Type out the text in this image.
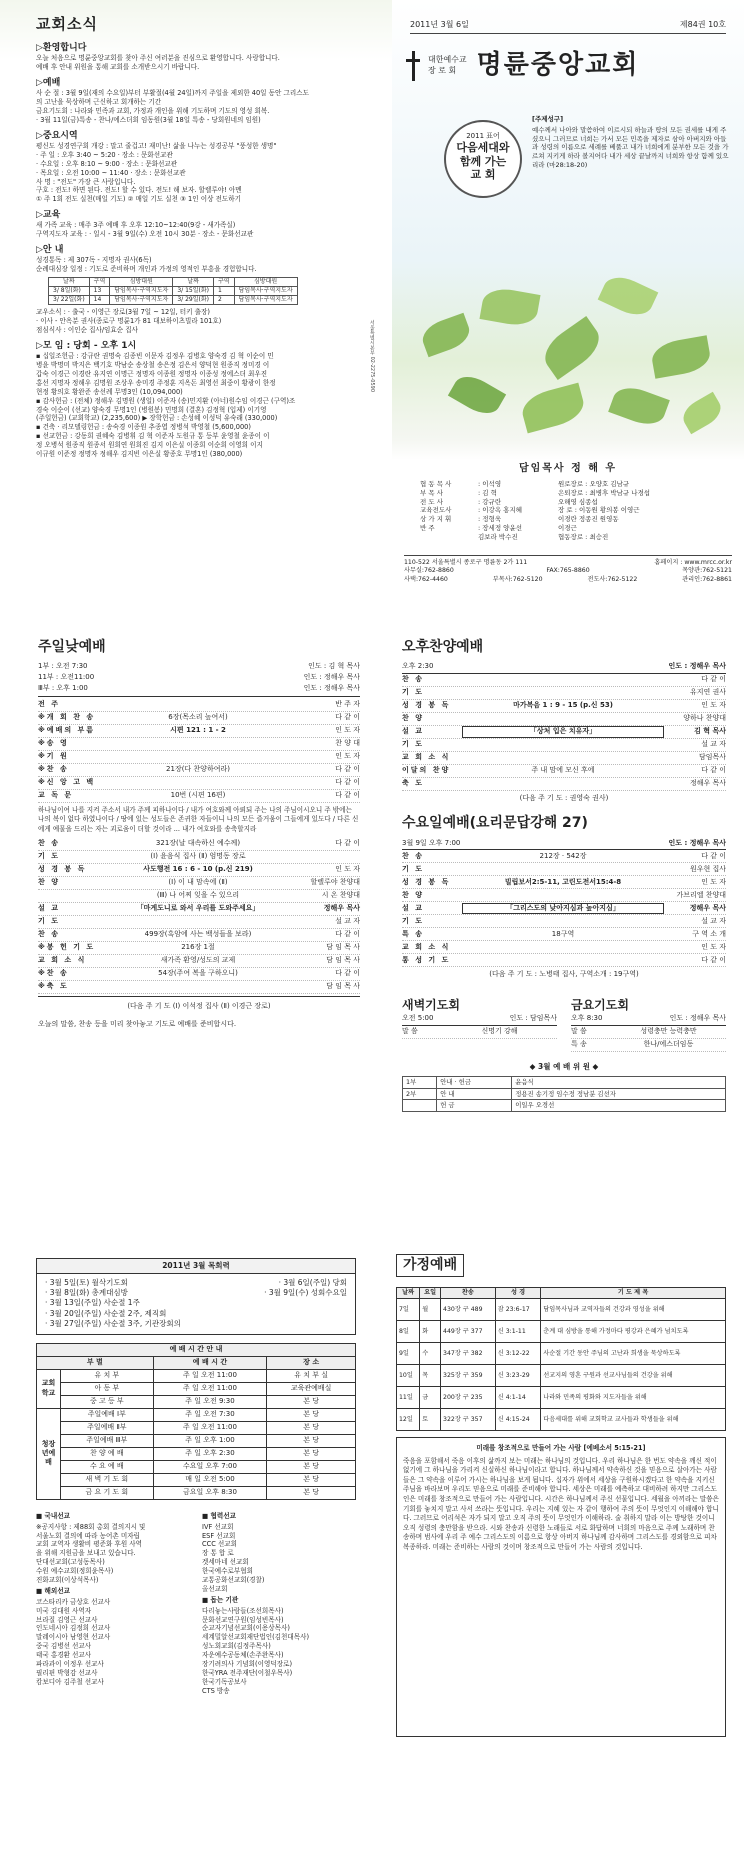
교회소식
▷환영합니다
오늘 처음으로 명륜중앙교회를 찾아 주신 여러분을 진심으로 환영합니다. 사랑합니다.
예배 후 안내 위원을 통해 교회를 소개받으시기 바랍니다.
▷예배
사 순 절 : 3월 9일(재의 수요일)부터 부활절(4월 24일)까지 주일을 제외한 40일 동안 그리스도
의 고난을 묵상하며 근신하고 회개하는 기간
금요기도회 : 나라와 민족과 교회, 가정과 개인을 위해 기도하며 기도의 영성 회복.
· 3월 11일(금)특송 - 찬나/에스더회 임동원(3월 18일 특송 - 당회원네의 임원)
▷중요시역
평신도 성경연구회 개강 : 말고 줄겁고! 재미난! 삶을 나누는 성경공부 "풍성한 생명"
· 주 일 : 오후 3:40 ~ 5:20 · 장소 : 문화선교관
· 수요일 : 오후 8:10 ~ 9:00 · 장소 : 문화선교관
· 목요일 : 오전 10:00 ~ 11:40 · 장소 : 문화선교관
사 명 : "전도" 가장 큰 사랑입니다.
구호 : 전도! 하면 된다. 전도! 할 수 있다. 전도! 해 보자. 할렐루야! 아멘
① 주 1회 전도 실천(매일 기도) ② 매일 기도 실천 ③ 1인 이상 전도하기
▷교육
새 가족 교육 : 매주 3주 예배 후 오후 12:10~12:40(9강 - 새가족실)
구역지도자 교육 : · 일시 - 3월 9일(수) 오전 10시 30분 · 장소 - 문화선교관
▷안 내
성경통독 : 제 307독 - 지명자 권사(6독)
순례대심장 일정 : 기도로 준비하며 개인과 가정의 영적인 부흥을 경험합니다.
날짜	구역	심방대원	날짜	구역	심방대원
3/ 8일(화)	13	담임목사·구역지도자	3/ 15일(화)	1	담임목사·구역지도자
3/ 22일(화)	14	담임목사·구역지도자	3/ 29일(화)	2	담임목사·구역지도자
교우소식 : · 출국 - 이영근 장로(3월 7일 ~ 12일, 터키 출장)
· 이사 - 안옥분 권사(종로구 명륜1가 81 대보하이츠빌라 101호)
점심식사 : 이인순 집사/임효순 집사
▷모 임 : 당회 - 오후 1시
▪ 십일조헌금 : 강규란 권명숙 김종빈 이문자 김정우 김병호 양숙경 김 혁 이순이 민
병윤 박명미 박지은 백기호 박남순 송상철 송은정 김은서 양덕현 원종직 정미경 이
갑숙 이경근 이경란 유지연 이명근 정명자 이종원 정명자 이종성 정에스더 최우진
홍선 지명자 정해우 김명원 조상우 송미경 주정훈 지옥돈 최영선 최중이 황광이 한정
현정 황의호 황완준 송선례 무명3인 (10,094,000)
▪ 감사헌금 : (전체) 정해우 김명원 (생일) 이준자 (송)민지환 (아너)원수임 이경근 (구역)조
경숙 이순이 (선교) 양숙경 무명1인 (병원봉) 민명희 (결혼) 김정혁 (입제) 이기영
(주일헌금) (교회학교) (2,235,600) ▶ 장학헌금 : 손성혜 이성덕 유숙래 (330,000)
▪ 건축 · 리모델링헌금 : 송숙경 이종원 추종엽 정병석 박영철 (5,600,000)
▪ 선교헌금 : 강동희 권혜숙 김병휘 김 혁 이준자 도원규 통 등부 윤영철 윤종이 이
정 오병석 원종직 원종서 원희연 원희진 김지 이은실 이종희 이순희 이영희 이지
이규원 이준정 정명자 정해우 김지빈 이은실 황종호 무명1인 (380,000)
서울특별시본부 02-2275-0590
2011년 3월 6일	제84권 10호
대한예수교
장 로 회 명륜중앙교회
2011 표어
다음세대와
함께 가는
교 회
[주제성구]
예수께서 나아와 말씀하여 이르시되 하늘과 땅의 모든 권세를 내게 주셨으니 그러므로 너희는 가서 모든 민족을 제자로 삼아 아버지와 아들과 성령의 이름으로 세례를 베풀고 내가 너희에게 분부한 모든 것을 가르쳐 지키게 하라 볼지어다 내가 세상 끝날까지 너희와 항상 함께 있으리라 (마28:18-20)
담임목사 정 해 우
협 동 목 사	: 이석영	원로장로 : 오양호 김남규
부 목 사	: 김 혁	은퇴장로 : 최병후 박남규 나경섭
전 도 사	: 강규란	오해영 심종섭
교육전도사	: 이강옥 홍지혜	장 로 : 이동원 황의봉 이영근
상 가 지 휘	: 정형욱	이경란 정종진 원영동
반 주	: 장세정 양윤선	이경근
김보라 박수진	협동장로 : 최승진
110-522 서울특별시 종로구 명륜동 2가 111	홈페이지 : www.mrcc.or.kr
사무실:762-8860	FAX:765-8860	목양관:762-5121
사택:762-4460	부목사:762-5120	전도사:762-5122	관리인:762-8861
주일낮예배
1부 : 오전 7:30	인도 : 김 혁 목사
11부 : 오전11:00	인도 : 정해우 목사
Ⅲ부 : 오후 1:00	인도 : 정해우 목사
전 주	반 주 자
※개 회 찬 송	6장(목소리 높여서)	다 같 이
※예배의 부름	시편 121 : 1 - 2	인 도 자
※송 영	찬 양 대
※기 원	인 도 자
※찬 송	21장(다 찬양하여라)	다 같 이
※신 앙 고 백	다 같 이
교 독 문	10번 (시편 16편)	다 같 이
하나님이여 나를 지켜 주소서 내가 주께 피하나이다 / 내가 여호와께 아뢰되 주는 나의 주님이시오니 주 밖에는 나의 복이 없다 하였나이다 / 땅에 있는 성도들은 존귀한 자들이니 나의 모든 즐거움이 그들에게 있도다 / 다른 신에게 예물을 드리는 자는 괴로움이 더할 것이라 ... 내가 여호와를 송축할지라
찬 송	321장(날 대속하신 예수께)	다 같 이
기 도	(Ⅰ) 윤음식 집사 (Ⅱ) 엄명동 장로
성 경 봉 독	사도행전 16 : 6 - 10 (p.신 219)	인 도 자
찬 양	(Ⅰ) 이 내 맘속에 (Ⅱ)	할렐루야 찬양대
(Ⅲ) 나 어찌 잊을 수 있으리	시 온 찬양대
설 교	「마게도니로 와서 우리를 도와주세요」	정해우 목사
기 도	설 교 자
찬 송	499장(흑암에 사는 백성들을 보라)	다 같 이
※봉 헌 기 도	216장 1절	담 임 목 사
교 회 소 식	새가족 환영/성도의 교제	담 임 목 사
※찬 송	54장(주여 복을 구하오니)	다 같 이
※축 도	담 임 목 사
(다음 주 기 도 (Ⅰ) 이석정 집사 (Ⅱ) 이경근 장로)
오늘의 말씀, 찬송 등을 미리 찾아놓고 기도로 예배를 준비합시다.
오후찬양예배
오후 2:30	인도 : 정해우 목사
찬 송	다 같 이
기 도	유지연 권사
성 경 봉 독	마가복음 1 : 9 - 15 (p.신 53)	인 도 자
찬 양	양하나 찬양대
설 교	「상처 입은 치유자」	김 혁 목사
기 도	설 교 자
교 회 소 식	담임목사
이달의 찬양	주 내 맘에 모신 후에	다 같 이
축 도	정해우 목사
(다음 주 기 도 : 권영숙 권사)
수요일예배(요리문답강해 27)
3월 9일 오후 7:00	인도 : 정해우 목사
찬 송	212장 · 542장	다 같 이
기 도	원우현 집사
성 경 봉 독	빌립보서2:5-11, 고린도전서15:4-8	인 도 자
찬 양	가브리엘 찬양대
설 교	「그리스도의 낮아지심과 높아지심」	정해우 목사
기 도	설 교 자
특 송	18구역	구 역 소 개
교 회 소 식	인 도 자
통 성 기 도	다 같 이
(다음 주 기 도 : 노병태 집사, 구역소개 : 19구역)
새벽기도회
오전 5:00	인도 : 담임목사
말 씀	신명기 강해
금요기도회
오후 8:30	인도 : 정해우 목사
말 씀	성령충만 능력충만
특 송	한나/에스더임동
◆ 3월 예 배 위 원 ◆
1부	안내 · 헌금	윤음식
2부	안 내	정용진 송기정 임수정 정남분 김선자
	헌 금	이일우 오경선
2011년 3월 목회력
· 3월 5일(토) 월삭기도회	· 3월 6일(주일) 당회
· 3월 8일(화) 총계대심방	· 3월 9일(수) 성회수요일
· 3월 13일(주일) 사순절 1주
· 3월 20일(주일) 사순절 2주, 제직회
· 3월 27일(주일) 사순절 3주, 기관장회의
예 배 시 간 안 내			
부 별		예 배 시 간	장 소
교회학교	유 치 부	주 일 오전 11:00	유 치 부 실
	아 동 부	주 일 오전 11:00	교육관예배실
	중 고 등 부	주 일 오전 9:30	본 당
청장년예배	주일예배 Ⅰ부	주 일 오전 7:30	본 당
	주일예배 Ⅱ부	주 일 오전 11:00	본 당
	주일예배 Ⅲ부	주 일 오후 1:00	본 당
	찬 양 예 배	주 일 오후 2:30	본 당
	수 요 예 배	수요일 오후 7:00	본 당
	새 벽 기 도 회	매 일 오전 5:00	본 당
	금 요 기 도 회	금요일 오후 8:30	본 당
■ 국내선교
※공지사항 : 제88회 총회 결의지시 및
서울노회 결의에 따라 농어촌 미자립
교회 교역자 생활비 평준화 후원 사역
을 위해 지원금을 보내고 있습니다.
단대선교회(고성동목사)
수원 예수교회(정희윤목사)
진화교회(이상석목사)
■ 해외선교
코스타리카 금상호 선교사
미국 김대원 사역자
브라질 김영근 선교사
인도네시아 김정희 선교사
말레이시아 남영현 선교사
중국 김병선 선교사
태국 홍경환 선교사
파라과이 이정우 선교사
필리핀 박형감 선교사
캄보디아 김주철 선교사
■ 협력선교
IVF 선교회
ESF 선교회
CCC 선교회
장 통 합 로
겟세마네 선교회
한국예수로부협회
교통공화선교회(경찰)
올선교회
■ 돕는 기관
다리놓는사람들(조선희목사)
문화선교연구원(임성빈목사)
순교자기념선교회(이용상목사)
세계밀알선교회재단법인(김천대목사)
성노회교회(김정주목사)
자운예수공동체(손주완목사)
장기려의사 기념회(이영덕장로)
한국YRA 전주재단(이철우목사)
한국기독공보사
CTS 방송
가정예배
날짜	요일	찬송	성 경	기 도 제 목
7일	월	430장 구 489	잠 23:6-17	담임목사님과 교역자들의 건강과 영성을 위해
8일	화	449장 구 377	신 3:1-11	춘계 대 심방을 통해 가정마다 평강과 은혜가 넘치도록
9일	수	347장 구 382	신 3:12-22	사순절 기간 동안 주님의 고난과 희생을 묵상하도록
10일	목	325장 구 359	신 3:23-29	선교지의 영혼 구원과 선교사님들의 건강을 위해
11일	금	200장 구 235	신 4:1-14	나라와 민족의 평화와 지도자들을 위해
12일	토	322장 구 357	신 4:15-24	다음세대를 위해 교회학교 교사들과 학생들을 위해
미래를 창조적으로 만들어 가는 사람 [에베소서 5:15-21]
죽음을 포함해서 죽음 이후의 삶까지 보는 미래는 하나님의 것입니다. 우리 하나님은 한 번도 약속을 깨신 적이 없기에 그 하나님을 가리켜 신실하신 하나님이라고 합니다. 하나님께서 약속하신 것을 믿음으로 살아가는 사람들은 그 약속을 이루어 가시는 하나님을 보게 됩니다. 십자가 위에서 세상을 구원하시겠다고 한 약속을 지키신 주님을 바라보며 우리도 믿음으로 미래를 준비해야 합니다. 세상은 미래를 예측하고 대비하려 하지만 그리스도인은 미래를 창조적으로 만들어 가는 사람입니다. 시간은 하나님께서 주신 선물입니다. 세월을 아끼라는 말씀은 기회를 놓치지 말고 사서 쓰라는 뜻입니다. 우리는 지혜 있는 자 같이 행하여 주의 뜻이 무엇인지 이해해야 합니다. 그러므로 어리석은 자가 되지 말고 오직 주의 뜻이 무엇인가 이해하라. 술 취하지 말라 이는 방탕한 것이니 오직 성령의 충만함을 받으라. 시와 찬송과 신령한 노래들로 서로 화답하며 너희의 마음으로 주께 노래하며 찬송하며 범사에 우리 주 예수 그리스도의 이름으로 항상 아버지 하나님께 감사하며 그리스도를 경외함으로 피차 복종하라. 미래는 준비하는 사람의 것이며 창조적으로 만들어 가는 사람의 것입니다.
